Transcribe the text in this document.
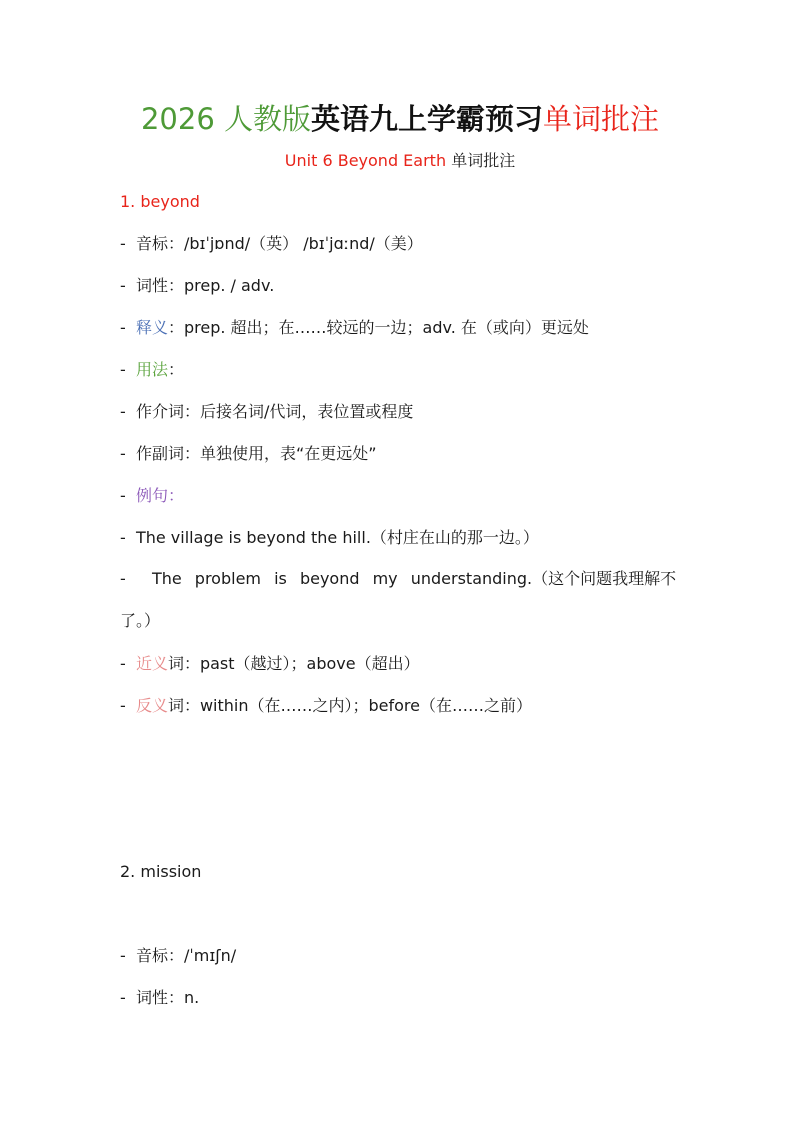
2026 人教版英语九上学霸预习单词批注
Unit 6 Beyond Earth 单词批注
1. beyond
- 音标：/bɪˈjɒnd/（英） /bɪˈjɑːnd/（美）
- 词性：prep. / adv.
- 释义：prep. 超出；在……较远的一边；adv. 在（或向）更远处
- 用法：
- 作介词：后接名词/代词，表位置或程度
- 作副词：单独使用，表“在更远处”
- 例句：
- The village is beyond the hill.（村庄在山的那一边。）
- The problem is beyond my understanding.（这个问题我理解不了。）
- 近义词：past（越过）；above（超出）
- 反义词：within（在……之内）；before（在……之前）
2. mission
- 音标：/ˈmɪʃn/
- 词性：n.
